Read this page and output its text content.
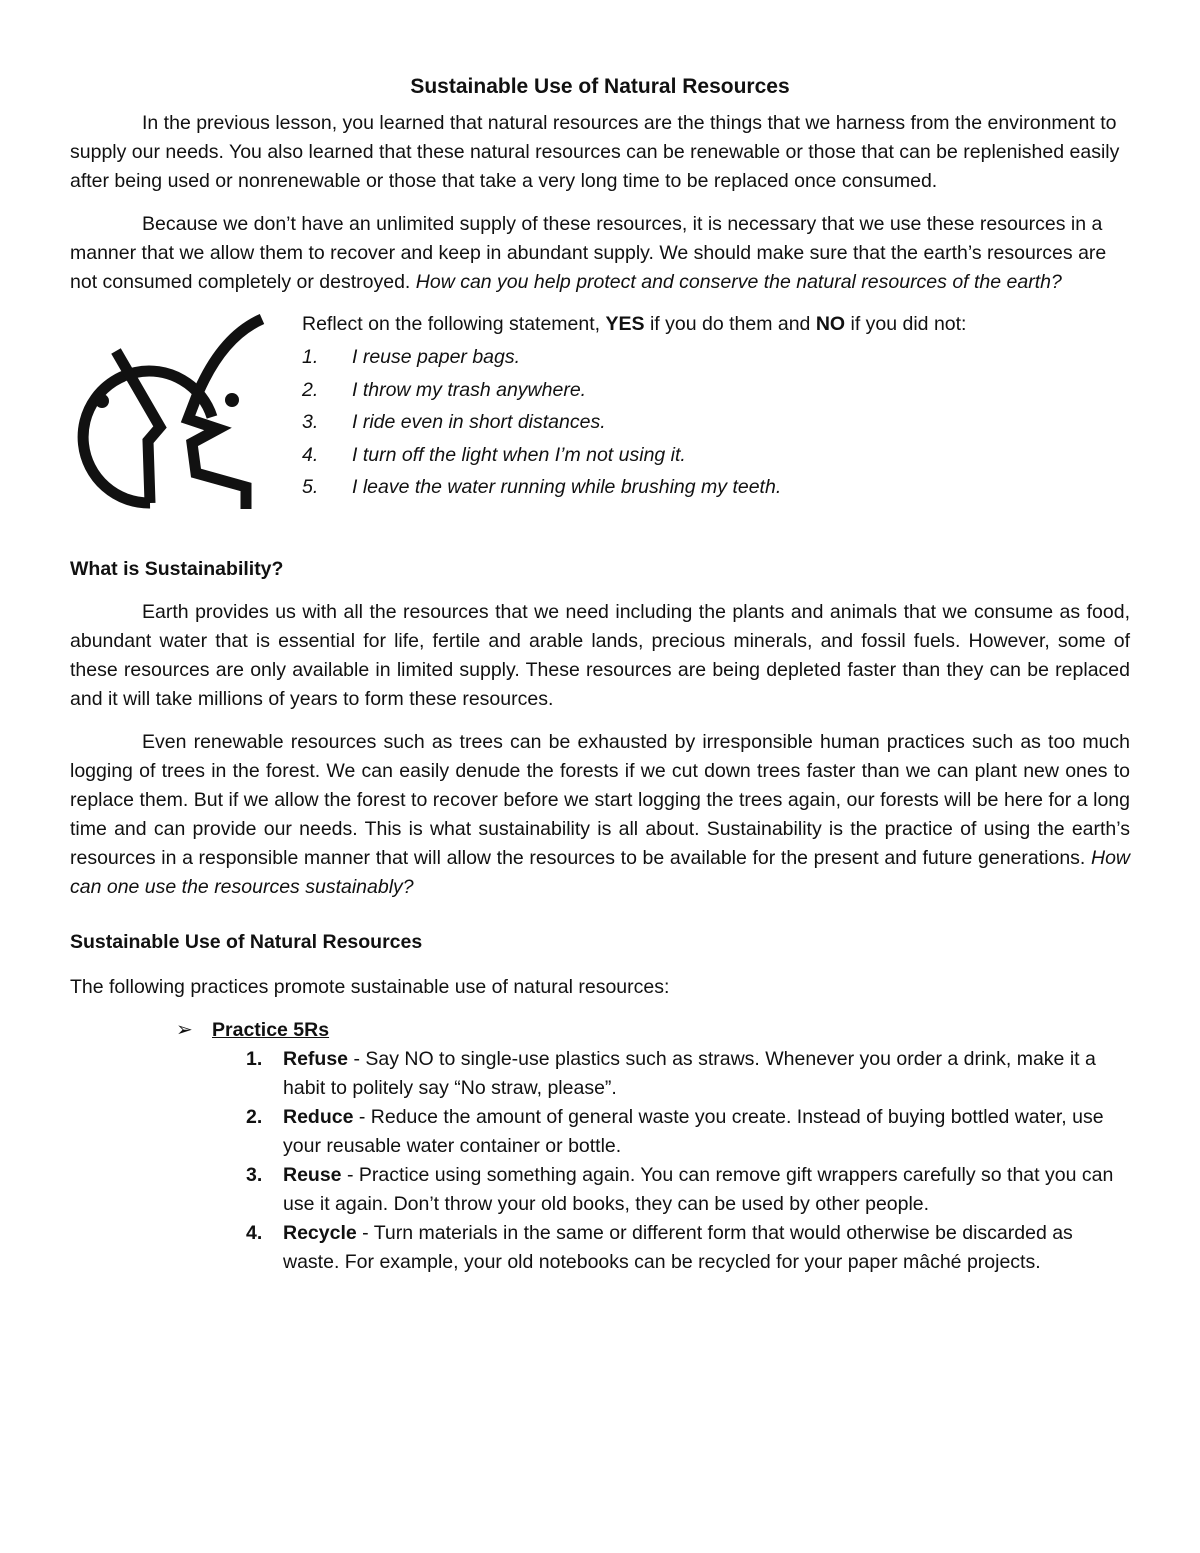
Sustainable Use of Natural Resources

In the previous lesson, you learned that natural resources are the things that we harness from the environment to supply our needs. You also learned that these natural resources can be renewable or those that can be replenished easily after being used or nonrenewable or those that take a very long time to be replaced once consumed.

Because we don’t have an unlimited supply of these resources, it is necessary that we use these resources in a manner that we allow them to recover and keep in abundant supply. We should make sure that the earth’s resources are not consumed completely or destroyed. How can you help protect and conserve the natural resources of the earth?

Reflect on the following statement, YES if you do them and NO if you did not:
1.	I reuse paper bags.
2.	I throw my trash anywhere.
3.	I ride even in short distances.
4.	I turn off the light when I’m not using it.
5.	I leave the water running while brushing my teeth.
What is Sustainability?

Earth provides us with all the resources that we need including the plants and animals that we consume as food, abundant water that is essential for life, fertile and arable lands, precious minerals, and fossil fuels. However, some of these resources are only available in limited supply. These resources are being depleted faster than they can be replaced and it will take millions of years to form these resources.

Even renewable resources such as trees can be exhausted by irresponsible human practices such as too much logging of trees in the forest. We can easily denude the forests if we cut down trees faster than we can plant new ones to replace them. But if we allow the forest to recover before we start logging the trees again, our forests will be here for a long time and can provide our needs. This is what sustainability is all about. Sustainability is the practice of using the earth’s resources in a responsible manner that will allow the resources to be available for the present and future generations. How can one use the resources sustainably?

Sustainable Use of Natural Resources

The following practices promote sustainable use of natural resources:

➢ Practice 5Rs
1.	Refuse - Say NO to single-use plastics such as straws. Whenever you order a drink, make it a habit to politely say “No straw, please”.
2.	Reduce - Reduce the amount of general waste you create. Instead of buying bottled water, use your reusable water container or bottle.
3.	Reuse - Practice using something again. You can remove gift wrappers carefully so that you can use it again. Don’t throw your old books, they can be used by other people.
4.	Recycle - Turn materials in the same or different form that would otherwise be discarded as waste. For example, your old notebooks can be recycled for your paper mâché projects.
